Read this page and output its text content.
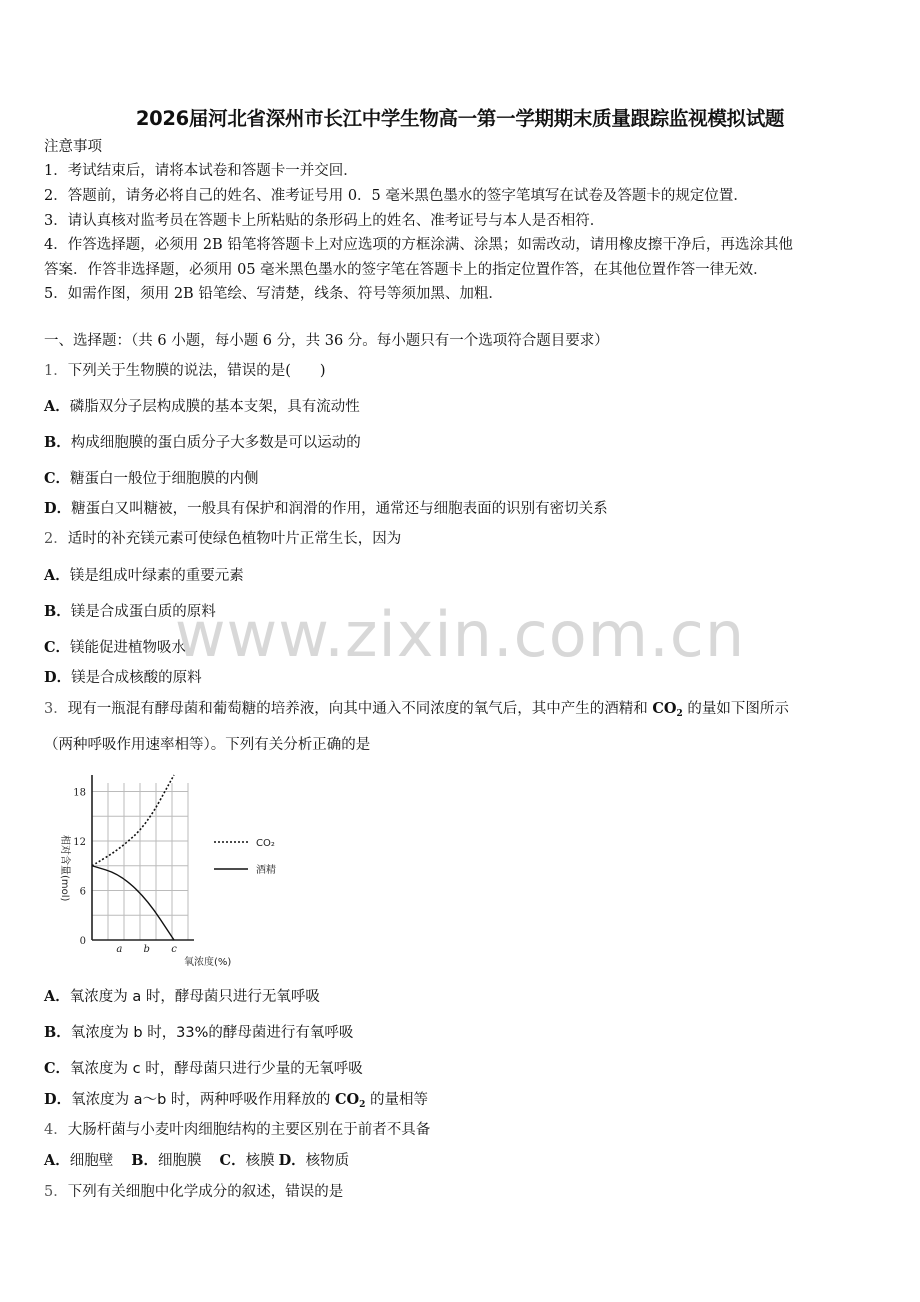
2026届河北省深州市长江中学生物高一第一学期期末质量跟踪监视模拟试题
注意事项
1．考试结束后，请将本试卷和答题卡一并交回．
2．答题前，请务必将自己的姓名、准考证号用 0．5 毫米黑色墨水的签字笔填写在试卷及答题卡的规定位置．
3．请认真核对监考员在答题卡上所粘贴的条形码上的姓名、准考证号与本人是否相符．
4．作答选择题，必须用 2B 铅笔将答题卡上对应选项的方框涂满、涂黑；如需改动，请用橡皮擦干净后，再选涂其他
答案．作答非选择题，必须用 05 毫米黑色墨水的签字笔在答题卡上的指定位置作答，在其他位置作答一律无效．
5．如需作图，须用 2B 铅笔绘、写清楚，线条、符号等须加黑、加粗．
一、选择题：（共 6 小题，每小题 6 分，共 36 分。每小题只有一个选项符合题目要求）
1．下列关于生物膜的说法，错误的是(　　)
A．磷脂双分子层构成膜的基本支架，具有流动性
B．构成细胞膜的蛋白质分子大多数是可以运动的
C．糖蛋白一般位于细胞膜的内侧
D．糖蛋白又叫糖被，一般具有保护和润滑的作用，通常还与细胞表面的识别有密切关系
2．适时的补充镁元素可使绿色植物叶片正常生长，因为
A．镁是组成叶绿素的重要元素
B．镁是合成蛋白质的原料
C．镁能促进植物吸水
D．镁是合成核酸的原料
3．现有一瓶混有酵母菌和葡萄糖的培养液，向其中通入不同浓度的氧气后，其中产生的酒精和 $CO_2$ 的量如下图所示
（两种呼吸作用速率相等）。下列有关分析正确的是
0
6
12
18
a b c
CO₂
酒精
相对含量(mol)
氧浓度(%)
A．氧浓度为 a 时，酵母菌只进行无氧呼吸
B．氧浓度为 b 时，33%的酵母菌进行有氧呼吸
C．氧浓度为 c 时，酵母菌只进行少量的无氧呼吸
D．氧浓度为 a～b 时，两种呼吸作用释放的 $CO_2$ 的量相等
4．大肠杆菌与小麦叶肉细胞结构的主要区别在于前者不具备
A．细胞壁 B．细胞膜 C．核膜 D．核物质
5．下列有关细胞中化学成分的叙述，错误的是
www.zixin.com.cn
